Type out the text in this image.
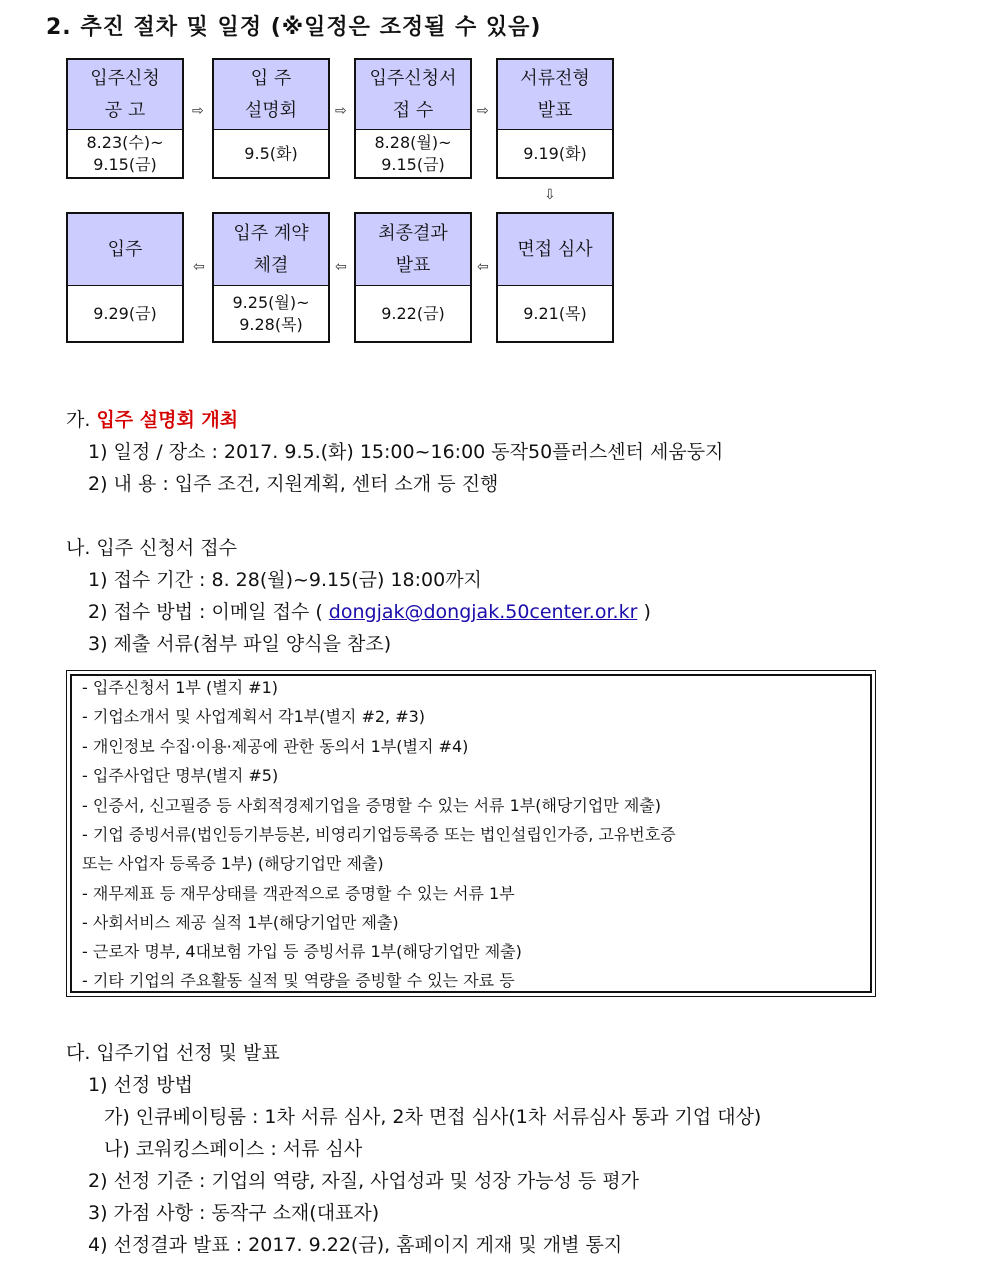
2. 추진 절차 및 일정 (※일정은 조정될 수 있음)
입주신청
공 고
8.23(수)~
9.15(금)
⇨
입 주
설명회
9.5(화)
⇨
입주신청서
접 수
8.28(월)~
9.15(금)
⇨
서류전형
발표
9.19(화)
⇩
입주
9.29(금)
⇦
입주 계약
체결
9.25(월)~
9.28(목)
⇦
최종결과
발표
9.22(금)
⇦
면접 심사
9.21(목)
가. 입주 설명회 개최
1) 일정 / 장소 : 2017. 9.5.(화) 15:00~16:00 동작50플러스센터 세움둥지
2) 내 용 : 입주 조건, 지원계획, 센터 소개 등 진행
나. 입주 신청서 접수
1) 접수 기간 : 8. 28(월)~9.15(금) 18:00까지
2) 접수 방법 : 이메일 접수 ( dongjak@dongjak.50center.or.kr )
3) 제출 서류(첨부 파일 양식을 참조)
- 입주신청서 1부 (별지 #1)
- 기업소개서 및 사업계획서 각1부(별지 #2, #3)
- 개인정보 수집·이용·제공에 관한 동의서 1부(별지 #4)
- 입주사업단 명부(별지 #5)
- 인증서, 신고필증 등 사회적경제기업을 증명할 수 있는 서류 1부(해당기업만 제출)
- 기업 증빙서류(법인등기부등본, 비영리기업등록증 또는 법인설립인가증, 고유번호증
또는 사업자 등록증 1부) (해당기업만 제출)
- 재무제표 등 재무상태를 객관적으로 증명할 수 있는 서류 1부
- 사회서비스 제공 실적 1부(해당기업만 제출)
- 근로자 명부, 4대보험 가입 등 증빙서류 1부(해당기업만 제출)
- 기타 기업의 주요활동 실적 및 역량을 증빙할 수 있는 자료 등
다. 입주기업 선정 및 발표
1) 선정 방법
가) 인큐베이팅룸 : 1차 서류 심사, 2차 면접 심사(1차 서류심사 통과 기업 대상)
나) 코워킹스페이스 : 서류 심사
2) 선정 기준 : 기업의 역량, 자질, 사업성과 및 성장 가능성 등 평가
3) 가점 사항 : 동작구 소재(대표자)
4) 선정결과 발표 : 2017. 9.22(금), 홈페이지 게재 및 개별 통지
